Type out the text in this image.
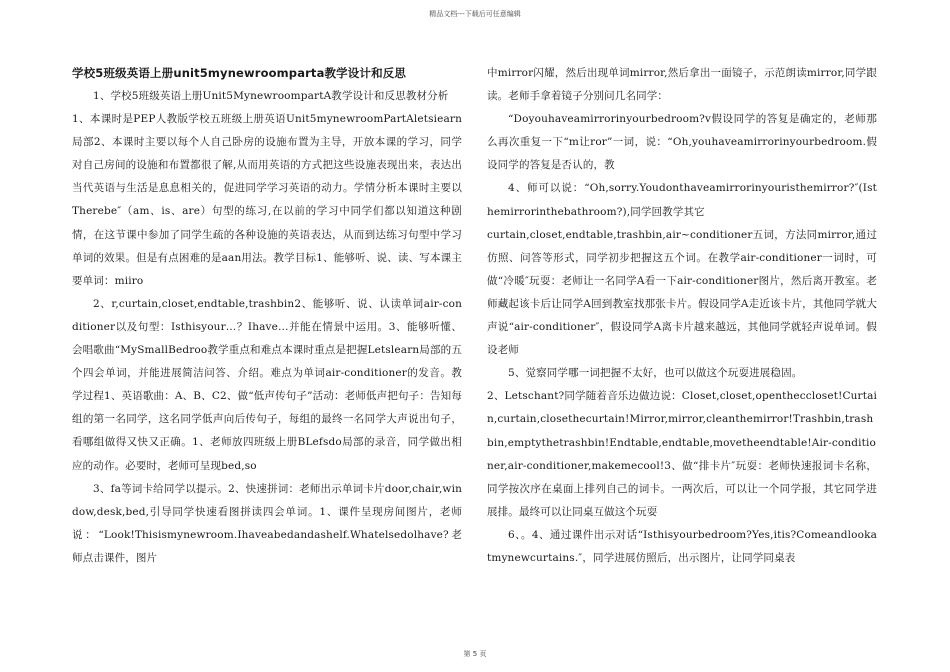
精品文档---下载后可任意编辑

学校5班级英语上册unit5mynewroomparta教学设计和反思

1、学校5班级英语上册Unit5MynewroompartA教学设计和反思教材分析

1、本课时是PEP人教版学校五班级上册英语Unit5mynewroomPartAletsiearn局部2、本课时主要以每个人自己卧房的设施布置为主导，开放本课的学习，同学对自己房间的设施和布置都很了解,从而用英语的方式把这些设施表现出来，表达出当代英语与生活是息息相关的，促进同学学习英语的动力。学情分析本课时主要以Therebe″（am、is、are）句型的练习,在以前的学习中同学们都以知道这种剧情，在这节课中参加了同学生疏的各种设施的英语表达，从而到达练习句型中学习单词的效果。但是有点困难的是aan用法。教学目标1、能够听、说、读、写本课主要单词：miiro

2、r,curtain,closet,endtable,trashbin2、能够听、说、认读单词air-conditioner以及句型：Isthisyour…？Ihave…并能在情景中运用。3、能够听懂、会唱歌曲“MySmallBedroo教学重点和难点本课时重点是把握Letslearn局部的五个四会单词，并能进展简洁问答、介绍。难点为单词air-conditioner的发音。教学过程1、英语歌曲：A、B、C2、做“低声传句子”活动：老师低声把句子：告知每组的第一名同学，这名同学低声向后传句子，每组的最终一名同学大声说出句子，看哪组做得又快又正确。1、老师放四班级上册BLefsdo局部的录音，同学做出相应的动作。必要时，老师可呈现bed,so

3、fa等词卡给同学以提示。2、快速拼词：老师出示单词卡片door,chair,window,desk,bed,引导同学快速看图拼读四会单词。1、课件呈现房间图片，老师说：“Look!Thisismynewroom.Ihaveabedandashelf.Whatelsedolhave?老师点击课件，图片

中mirror闪耀，然后出现单词mirror,然后拿出一面镜子，示范朗读mirror,同学跟读。老师手拿着镜子分别问几名同学：

“Doyouhaveamirrorinyourbedroom?v假设同学的答复是确定的，老师那么再次重复一下“m让ror”一词，说：“Oh,youhaveamirrorinyourbedroom.假设同学的答复是否认的，教

4、师可以说：“Oh,sorry.Youdonthaveamirrorinyouristhemirror?″(Isthemirrorinthebathroom?),同学回教学其它

curtain,closet,endtable,trashbin,air~conditioner五词，方法同mirror,通过仿照、问答等形式，同学初步把握这五个词。在教学air-conditioner一词时，可做“冷暖″玩耍：老师让一名同学A看一下air-conditioner图片，然后离开教室。老师藏起该卡后让同学A回到教室找那张卡片。假设同学A走近该卡片，其他同学就大声说“air-conditioner″，假设同学A离卡片越来越远，其他同学就轻声说单词。假设老师

5、觉察同学哪一词把握不太好，也可以做这个玩耍进展稳固。

2、Letschant?同学随着音乐边做边说：Closet,closet,opentheccloset!Curtain,curtain,closethecurtain!Mirror,mirror,cleanthemirror!Trashbin,trashbin,emptythetrashbin!Endtable,endtable,movetheendtable!Air-conditioner,air-conditioner,makemecool!3、做“排卡片″玩耍：老师快速报词卡名称，同学按次序在桌面上排列自己的词卡。一两次后，可以让一个同学报，其它同学进展排。最终可以让同桌互做这个玩耍

6、。4、通过课件出示对话“Isthisyourbedroom?Yes,itis?Comeandlookatmynewcurtains.″，同学进展仿照后，出示图片，让同学同桌表

第 5 页
